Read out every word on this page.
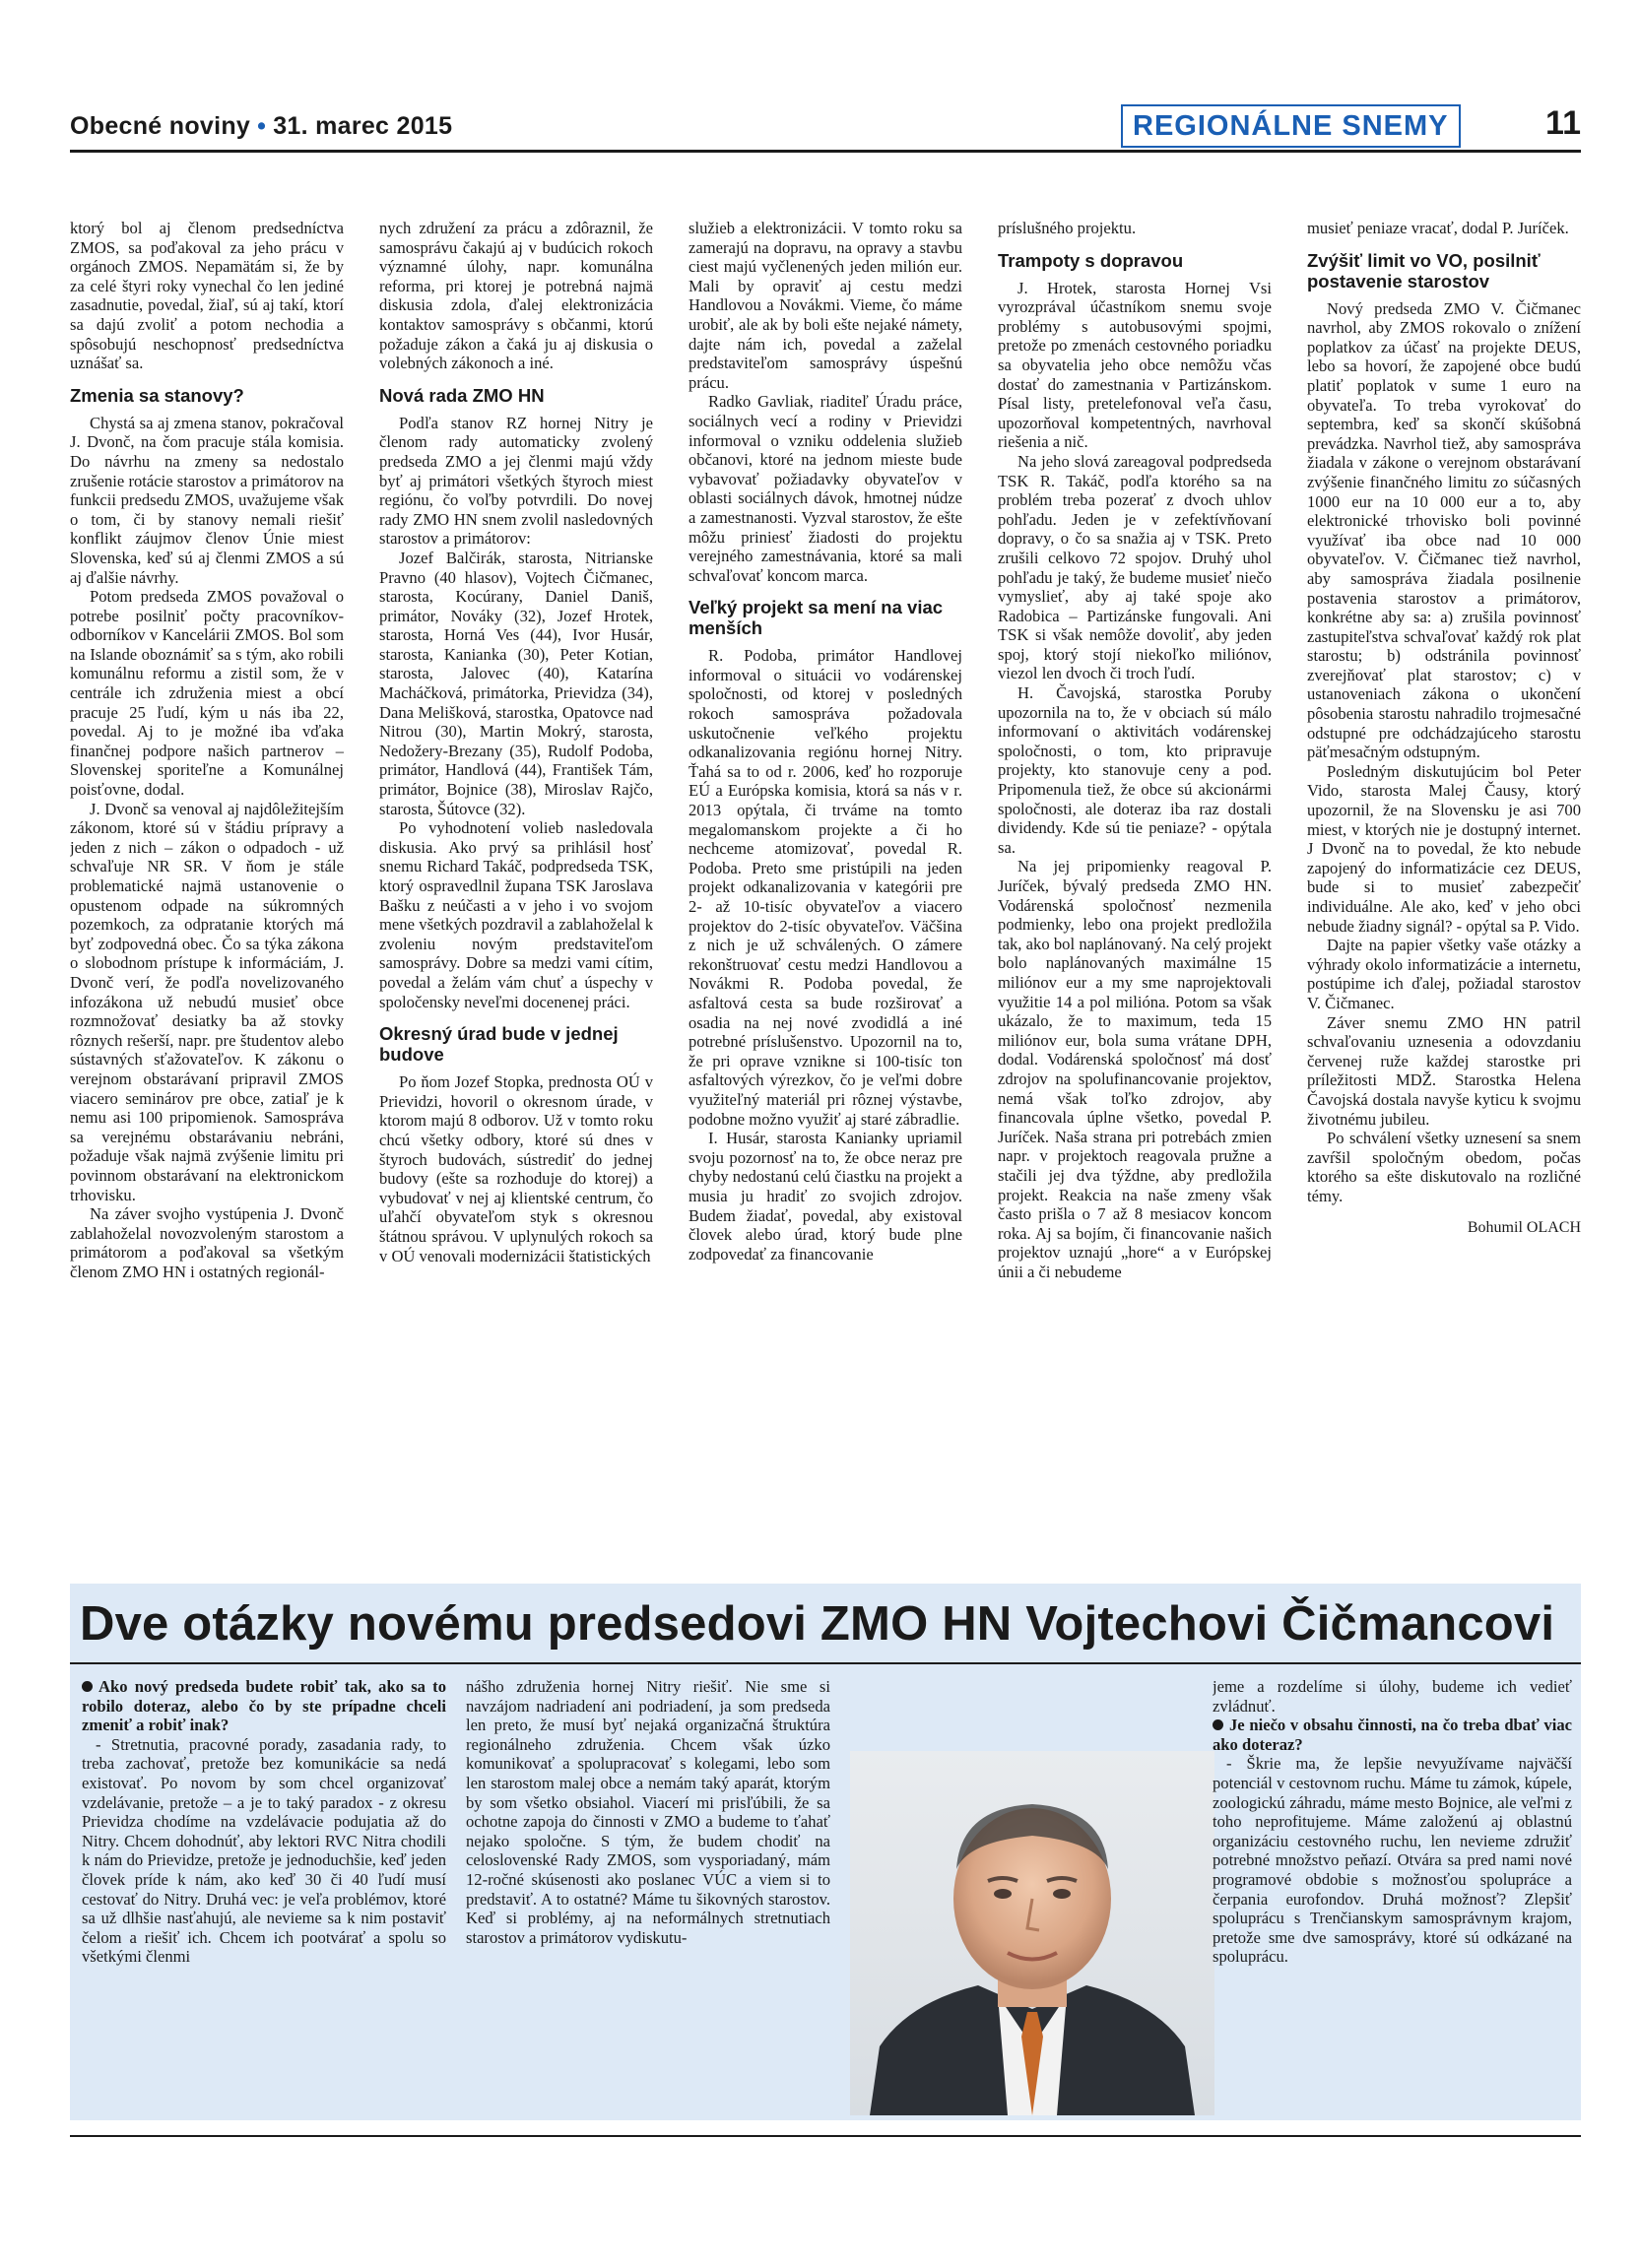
Obecné noviny • 31. marec 2015	REGIONÁLNE SNEMY	11

ktorý bol aj členom predsedníctva ZMOS, sa poďakoval za jeho prácu v orgánoch ZMOS. Nepamätám si, že by za celé štyri roky vynechal čo len jediné zasadnutie, povedal, žiaľ, sú aj takí, ktorí sa dajú zvoliť a potom nechodia a spôsobujú neschopnosť predsedníctva uznášať sa.

Zmenia sa stanovy?

Chystá sa aj zmena stanov, pokračoval J. Dvonč, na čom pracuje stála komisia. Do návrhu na zmeny sa nedostalo zrušenie rotácie starostov a primátorov na funkcii predsedu ZMOS, uvažujeme však o tom, či by stanovy nemali riešiť konflikt záujmov členov Únie miest Slovenska, keď sú aj členmi ZMOS a sú aj ďalšie návrhy.

Potom predseda ZMOS považoval o potrebe posilniť počty pracovníkov-odborníkov v Kancelárii ZMOS. Bol som na Islande oboznámiť sa s tým, ako robili komunálnu reformu a zistil som, že v centrále ich združenia miest a obcí pracuje 25 ľudí, kým u nás iba 22, povedal. Aj to je možné iba vďaka finančnej podpore našich partnerov – Slovenskej sporiteľne a Komunálnej poisťovne, dodal.

J. Dvonč sa venoval aj najdôležitejším zákonom, ktoré sú v štádiu prípravy a jeden z nich – zákon o odpadoch - už schvaľuje NR SR. V ňom je stále problematické najmä ustanovenie o opustenom odpade na súkromných pozemkoch, za odpratanie ktorých má byť zodpovedná obec. Čo sa týka zákona o slobodnom prístupe k informáciám, J. Dvonč verí, že podľa novelizovaného infozákona už nebudú musieť obce rozmnožovať desiatky ba až stovky rôznych rešerší, napr. pre študentov alebo sústavných sťažovateľov. K zákonu o verejnom obstarávaní pripravil ZMOS viacero seminárov pre obce, zatiaľ je k nemu asi 100 pripomienok. Samospráva sa verejnému obstarávaniu nebráni, požaduje však najmä zvýšenie limitu pri povinnom obstarávaní na elektronickom trhovisku.

Na záver svojho vystúpenia J. Dvonč zablahoželal novozvoleným starostom a primátorom a poďakoval sa všetkým členom ZMO HN i ostatných regionál-

nych združení za prácu a zdôraznil, že samosprávu čakajú aj v budúcich rokoch významné úlohy, napr. komunálna reforma, pri ktorej je potrebná najmä diskusia zdola, ďalej elektronizácia kontaktov samosprávy s občanmi, ktorú požaduje zákon a čaká ju aj diskusia o volebných zákonoch a iné.

Nová rada ZMO HN

Podľa stanov RZ hornej Nitry je členom rady automaticky zvolený predseda ZMO a jej členmi majú vždy byť aj primátori všetkých štyroch miest regiónu, čo voľby potvrdili. Do novej rady ZMO HN snem zvolil nasledovných starostov a primátorov:

Jozef Balčirák, starosta, Nitrianske Pravno (40 hlasov), Vojtech Čičmanec, starosta, Kocúrany, Daniel Daniš, primátor, Nováky (32), Jozef Hrotek, starosta, Horná Ves (44), Ivor Husár, starosta, Kanianka (30), Peter Kotian, starosta, Jalovec (40), Katarína Macháčková, primátorka, Prievidza (34), Dana Melišková, starostka, Opatovce nad Nitrou (30), Martin Mokrý, starosta, Nedožery-Brezany (35), Rudolf Podoba, primátor, Handlová (44), František Tám, primátor, Bojnice (38), Miroslav Rajčo, starosta, Šútovce (32).

Po vyhodnotení volieb nasledovala diskusia. Ako prvý sa prihlásil hosť snemu Richard Takáč, podpredseda TSK, ktorý ospravedlnil župana TSK Jaroslava Bašku z neúčasti a v jeho i vo svojom mene všetkých pozdravil a zablahoželal k zvoleniu novým predstaviteľom samosprávy. Dobre sa medzi vami cítim, povedal a želám vám chuť a úspechy v spoločensky neveľmi docenenej práci.

Okresný úrad bude v jednej budove

Po ňom Jozef Stopka, prednosta OÚ v Prievidzi, hovoril o okresnom úrade, v ktorom majú 8 odborov. Už v tomto roku chcú všetky odbory, ktoré sú dnes v štyroch budovách, sústrediť do jednej budovy (ešte sa rozhoduje do ktorej) a vybudovať v nej aj klientské centrum, čo uľahčí obyvateľom styk s okresnou štátnou správou. V uplynulých rokoch sa v OÚ venovali modernizácii štatistických

služieb a elektronizácii. V tomto roku sa zamerajú na dopravu, na opravy a stavbu ciest majú vyčlenených jeden milión eur. Mali by opraviť aj cestu medzi Handlovou a Novákmi. Vieme, čo máme urobiť, ale ak by boli ešte nejaké námety, dajte nám ich, povedal a zaželal predstaviteľom samosprávy úspešnú prácu.

Radko Gavliak, riaditeľ Úradu práce, sociálnych vecí a rodiny v Prievidzi informoval o vzniku oddelenia služieb občanovi, ktoré na jednom mieste bude vybavovať požiadavky obyvateľov v oblasti sociálnych dávok, hmotnej núdze a zamestnanosti. Vyzval starostov, že ešte môžu priniesť žiadosti do projektu verejného zamestnávania, ktoré sa mali schvaľovať koncom marca.

Veľký projekt sa mení na viac menších

R. Podoba, primátor Handlovej informoval o situácii vo vodárenskej spoločnosti, od ktorej v posledných rokoch samospráva požadovala uskutočnenie veľkého projektu odkanalizovania regiónu hornej Nitry. Ťahá sa to od r. 2006, keď ho rozporuje EÚ a Európska komisia, ktorá sa nás v r. 2013 opýtala, či trváme na tomto megalomanskom projekte a či ho nechceme atomizovať, povedal R. Podoba. Preto sme pristúpili na jeden projekt odkanalizovania v kategórii pre 2- až 10-tisíc obyvateľov a viacero projektov do 2-tisíc obyvateľov. Väčšina z nich je už schválených. O zámere rekonštruovať cestu medzi Handlovou a Novákmi R. Podoba povedal, že asfaltová cesta sa bude rozširovať a osadia na nej nové zvodidlá a iné potrebné príslušenstvo. Upozornil na to, že pri oprave vznikne si 100-tisíc ton asfaltových výrezkov, čo je veľmi dobre využiteľný materiál pri rôznej výstavbe, podobne možno využiť aj staré zábradlie.

I. Husár, starosta Kanianky upriamil svoju pozornosť na to, že obce neraz pre chyby nedostanú celú čiastku na projekt a musia ju hradiť zo svojich zdrojov. Budem žiadať, povedal, aby existoval človek alebo úrad, ktorý bude plne zodpovedať za financovanie

príslušného projektu.

Trampoty s dopravou

J. Hrotek, starosta Hornej Vsi vyrozprával účastníkom snemu svoje problémy s autobusovými spojmi, pretože po zmenách cestovného poriadku sa obyvatelia jeho obce nemôžu včas dostať do zamestnania v Partizánskom. Písal listy, pretelefonoval veľa času, upozorňoval kompetentných, navrhoval riešenia a nič.

Na jeho slová zareagoval podpredseda TSK R. Takáč, podľa ktorého sa na problém treba pozerať z dvoch uhlov pohľadu. Jeden je v zefektívňovaní dopravy, o čo sa snažia aj v TSK. Preto zrušili celkovo 72 spojov. Druhý uhol pohľadu je taký, že budeme musieť niečo vymyslieť, aby aj také spoje ako Radobica – Partizánske fungovali. Ani TSK si však nemôže dovoliť, aby jeden spoj, ktorý stojí niekoľko miliónov, viezol len dvoch či troch ľudí.

H. Čavojská, starostka Poruby upozornila na to, že v obciach sú málo informovaní o aktivitách vodárenskej spoločnosti, o tom, kto pripravuje projekty, kto stanovuje ceny a pod. Pripomenula tiež, že obce sú akcionármi spoločnosti, ale doteraz iba raz dostali dividendy. Kde sú tie peniaze? - opýtala sa.

Na jej pripomienky reagoval P. Juríček, bývalý predseda ZMO HN. Vodárenská spoločnosť nezmenila podmienky, lebo ona projekt predložila tak, ako bol naplánovaný. Na celý projekt bolo naplánovaných maximálne 15 miliónov eur a my sme naprojektovali využitie 14 a pol milióna. Potom sa však ukázalo, že to maximum, teda 15 miliónov eur, bola suma vrátane DPH, dodal. Vodárenská spoločnosť má dosť zdrojov na spolufinancovanie projektov, nemá však toľko zdrojov, aby financovala úplne všetko, povedal P. Juríček. Naša strana pri potrebách zmien napr. v projektoch reagovala pružne a stačili jej dva týždne, aby predložila projekt. Reakcia na naše zmeny však často prišla o 7 až 8 mesiacov koncom roka. Aj sa bojím, či financovanie našich projektov uznajú „hore“ a v Európskej únii a či nebudeme

musieť peniaze vracať, dodal P. Juríček.

Zvýšiť limit vo VO, posilniť postavenie starostov

Nový predseda ZMO V. Čičmanec navrhol, aby ZMOS rokovalo o znížení poplatkov za účasť na projekte DEUS, lebo sa hovorí, že zapojené obce budú platiť poplatok v sume 1 euro na obyvateľa. To treba vyrokovať do septembra, keď sa skončí skúšobná prevádzka. Navrhol tiež, aby samospráva žiadala v zákone o verejnom obstarávaní zvýšenie finančného limitu zo súčasných 1000 eur na 10 000 eur a to, aby elektronické trhovisko boli povinné využívať iba obce nad 10 000 obyvateľov. V. Čičmanec tiež navrhol, aby samospráva žiadala posilnenie postavenia starostov a primátorov, konkrétne aby sa: a) zrušila povinnosť zastupiteľstva schvaľovať každý rok plat starostu; b) odstránila povinnosť zverejňovať plat starostov; c) v ustanoveniach zákona o ukončení pôsobenia starostu nahradilo trojmesačné odstupné pre odchádzajúceho starostu päťmesačným odstupným.

Posledným diskutujúcim bol Peter Vido, starosta Malej Čausy, ktorý upozornil, že na Slovensku je asi 700 miest, v ktorých nie je dostupný internet. J Dvonč na to povedal, že kto nebude zapojený do informatizácie cez DEUS, bude si to musieť zabezpečiť individuálne. Ale ako, keď v jeho obci nebude žiadny signál? - opýtal sa P. Vido.

Dajte na papier všetky vaše otázky a výhrady okolo informatizácie a internetu, postúpime ich ďalej, požiadal starostov V. Čičmanec.

Záver snemu ZMO HN patril schvaľovaniu uznesenia a odovzdaniu červenej ruže každej starostke pri príležitosti MDŽ. Starostka Helena Čavojská dostala navyše kyticu k svojmu životnému jubileu.

Po schválení všetky uznesení sa snem zavŕšil spoločným obedom, počas ktorého sa ešte diskutovalo na rozličné témy.

Bohumil OLACH

Dve otázky novému predsedovi ZMO HN Vojtechovi Čičmancovi

Ako nový predseda budete robiť tak, ako sa to robilo doteraz, alebo čo by ste prípadne chceli zmeniť a robiť inak?

- Stretnutia, pracovné porady, zasadania rady, to treba zachovať, pretože bez komunikácie sa nedá existovať. Po novom by som chcel organizovať vzdelávanie, pretože – a je to taký paradox - z okresu Prievidza chodíme na vzdelávacie podujatia až do Nitry. Chcem dohodnúť, aby lektori RVC Nitra chodili k nám do Prievidze, pretože je jednoduchšie, keď jeden človek príde k nám, ako keď 30 či 40 ľudí musí cestovať do Nitry. Druhá vec: je veľa problémov, ktoré sa už dlhšie nasťahujú, ale nevieme sa k nim postaviť čelom a riešiť ich. Chcem ich pootvárať a spolu so všetkými členmi

nášho združenia hornej Nitry riešiť. Nie sme si navzájom nadriadení ani podriadení, ja som predseda len preto, že musí byť nejaká organizačná štruktúra regionálneho združenia. Chcem však úzko komunikovať a spolupracovať s kolegami, lebo som len starostom malej obce a nemám taký aparát, ktorým by som všetko obsiahol. Viacerí mi prisľúbili, že sa ochotne zapoja do činnosti v ZMO a budeme to ťahať nejako spoločne. S tým, že budem chodiť na celoslovenské Rady ZMOS, som vysporiadaný, mám 12-ročné skúsenosti ako poslanec VÚC a viem si to predstaviť. A to ostatné? Máme tu šikovných starostov. Keď si problémy, aj na neformálnych stretnutiach starostov a primátorov vydiskutu-

jeme a rozdelíme si úlohy, budeme ich vedieť zvládnuť.

Je niečo v obsahu činnosti, na čo treba dbať viac ako doteraz?

- Škrie ma, že lepšie nevyužívame najväčší potenciál v cestovnom ruchu. Máme tu zámok, kúpele, zoologickú záhradu, máme mesto Bojnice, ale veľmi z toho neprofitujeme. Máme založenú aj oblastnú organizáciu cestovného ruchu, len nevieme združiť potrebné množstvo peňazí. Otvára sa pred nami nové programové obdobie s možnosťou spolupráce a čerpania eurofondov. Druhá možnosť? Zlepšiť spoluprácu s Trenčianskym samosprávnym krajom, pretože sme dve samosprávy, ktoré sú odkázané na spoluprácu.
